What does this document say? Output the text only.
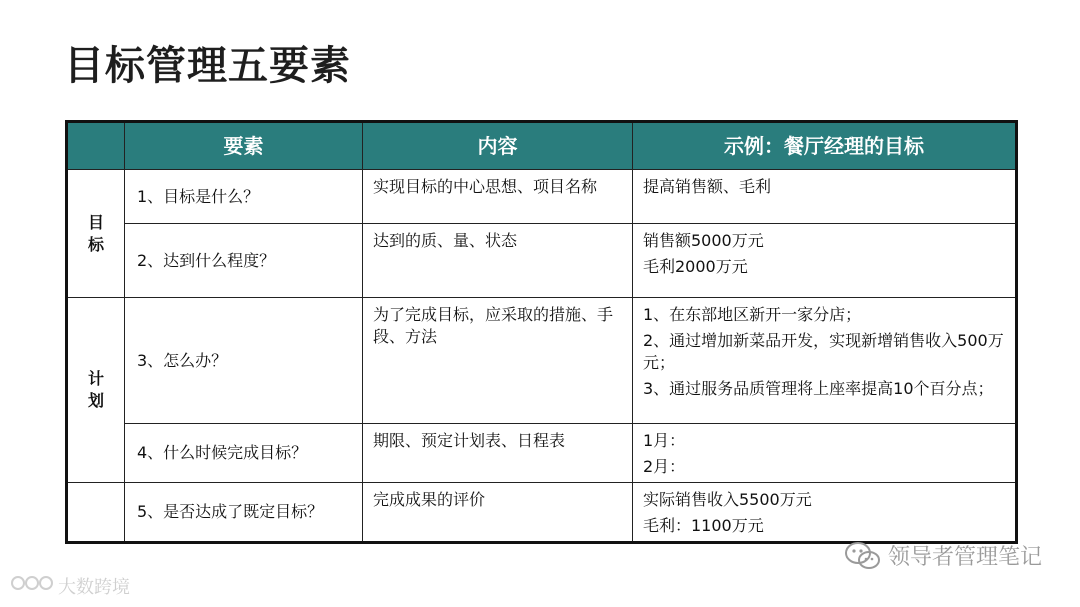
目标管理五要素
	要素	内容	示例：餐厅经理的目标
目
标	1、目标是什么？	实现目标的中心思想、项目名称	提高销售额、毛利

	2、达到什么程度？	达到的质、量、状态	销售额5000万元
毛利2000万元

计
划	3、怎么办？	为了完成目标，应采取的措施、手段、方法	1、在东部地区新开一家分店；
2、通过增加新菜品开发，实现新增销售收入500万元；
3、通过服务品质管理将上座率提高10个百分点；

	4、什么时候完成目标？	期限、预定计划表、日程表	1月：
2月：

	5、是否达成了既定目标？	完成成果的评价	实际销售收入5500万元
毛利：1100万元
领导者管理笔记
大数跨境
